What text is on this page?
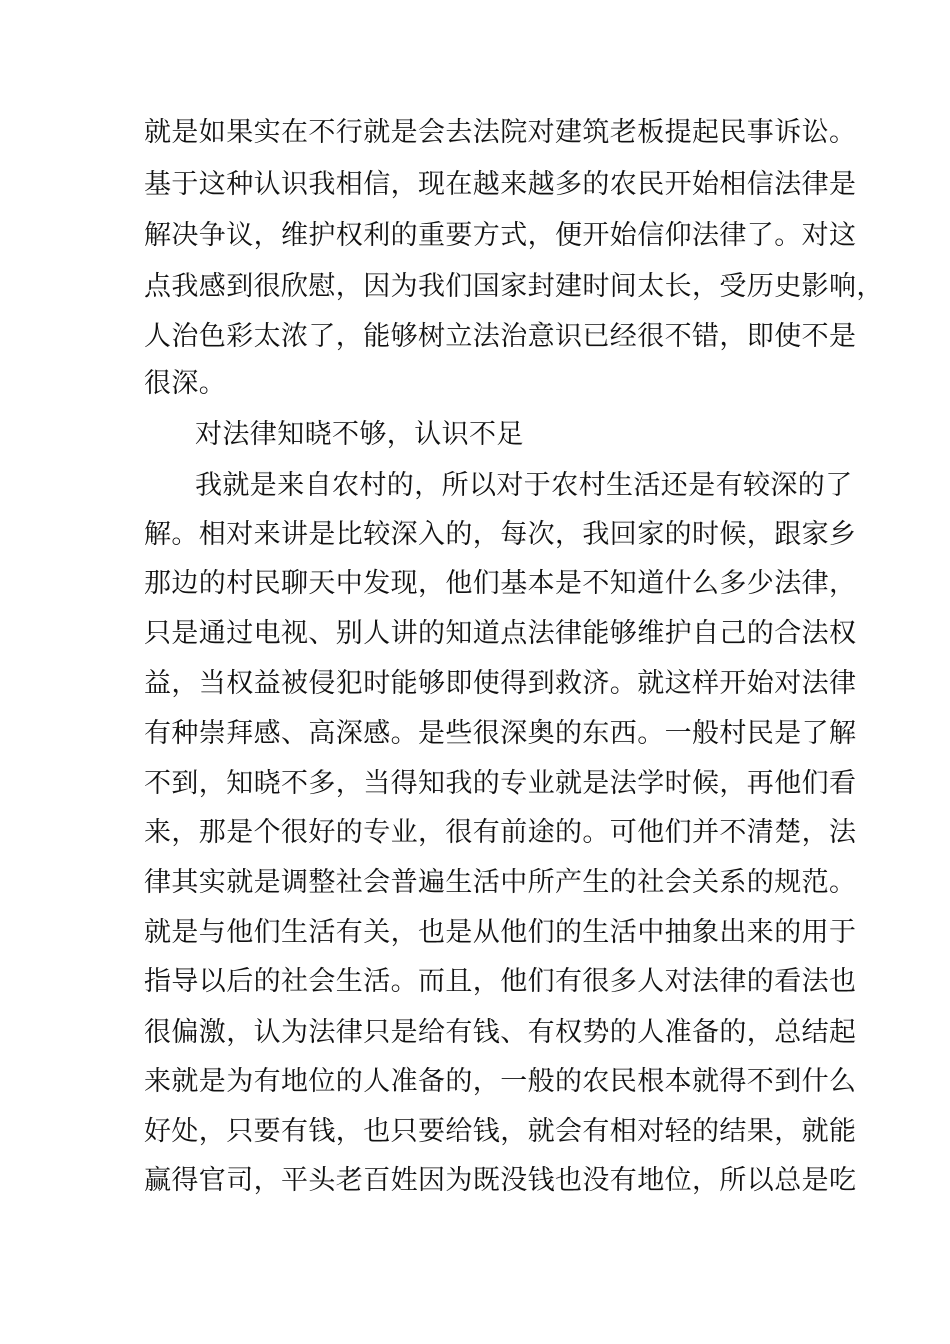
就是如果实在不行就是会去法院对建筑老板提起民事诉讼。
基于这种认识我相信，现在越来越多的农民开始相信法律是
解决争议，维护权利的重要方式，便开始信仰法律了。对这
点我感到很欣慰，因为我们国家封建时间太长，受历史影响，
人治色彩太浓了，能够树立法治意识已经很不错，即使不是
很深。
对法律知晓不够，认识不足
我就是来自农村的，所以对于农村生活还是有较深的了
解。相对来讲是比较深入的，每次，我回家的时候，跟家乡
那边的村民聊天中发现，他们基本是不知道什么多少法律，
只是通过电视、别人讲的知道点法律能够维护自己的合法权
益，当权益被侵犯时能够即使得到救济。就这样开始对法律
有种崇拜感、高深感。是些很深奥的东西。一般村民是了解
不到，知晓不多，当得知我的专业就是法学时候，再他们看
来，那是个很好的专业，很有前途的。可他们并不清楚，法
律其实就是调整社会普遍生活中所产生的社会关系的规范。
就是与他们生活有关，也是从他们的生活中抽象出来的用于
指导以后的社会生活。而且，他们有很多人对法律的看法也
很偏激，认为法律只是给有钱、有权势的人准备的，总结起
来就是为有地位的人准备的，一般的农民根本就得不到什么
好处，只要有钱，也只要给钱，就会有相对轻的结果，就能
赢得官司，平头老百姓因为既没钱也没有地位，所以总是吃
